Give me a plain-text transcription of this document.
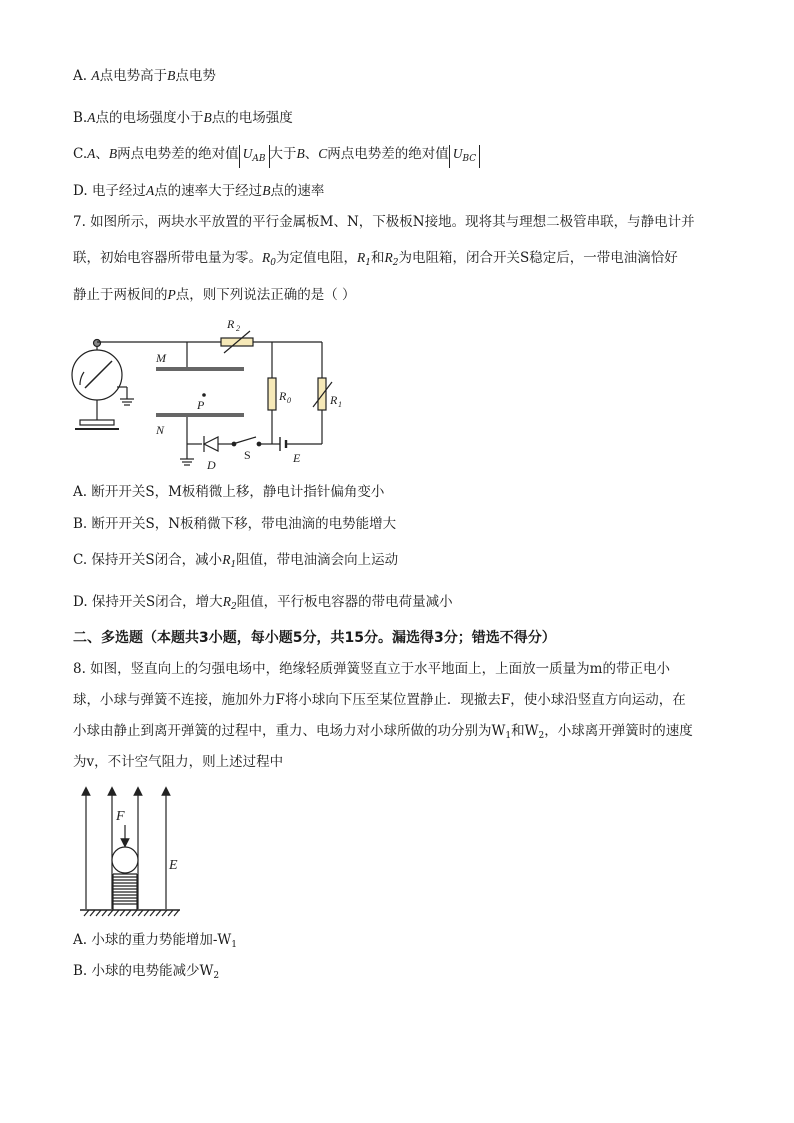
A. A点电势高于B点电势
B.A点的电场强度小于B点的电场强度
C.A、B两点电势差的绝对值 $U_{AB}$ 大于B、C两点电势差的绝对值 $U_{BC}$
D. 电子经过A点的速率大于经过B点的速率
7. 如图所示，两块水平放置的平行金属板M、N，下极板N接地。现将其与理想二极管串联，与静电计并
联，初始电容器所带电量为零。$R_0$为定值电阻，$R_1$和$R_2$为电阻箱，闭合开关S稳定后，一带电油滴恰好
静止于两板间的P点，则下列说法正确的是（ ）
R 2
M
P
N
R 0	R 1
D
S	E
A. 断开开关S，M板稍微上移，静电计指针偏角变小
B. 断开开关S，N板稍微下移，带电油滴的电势能增大
C. 保持开关S闭合，减小$R_1$阻值，带电油滴会向上运动
D. 保持开关S闭合，增大$R_2$阻值，平行板电容器的带电荷量减小
二、多选题（本题共3小题，每小题5分，共15分。漏选得3分；错选不得分）
8. 如图，竖直向上的匀强电场中，绝缘轻质弹簧竖直立于水平地面上，上面放一质量为m的带正电小
球，小球与弹簧不连接，施加外力F将小球向下压至某位置静止．现撤去F，使小球沿竖直方向运动，在
小球由静止到离开弹簧的过程中，重力、电场力对小球所做的功分别为$W_1$和$W_2$，小球离开弹簧时的速度
为v，不计空气阻力，则上述过程中
F
E
A. 小球的重力势能增加$-W_1$
B. 小球的电势能减少$W_2$
